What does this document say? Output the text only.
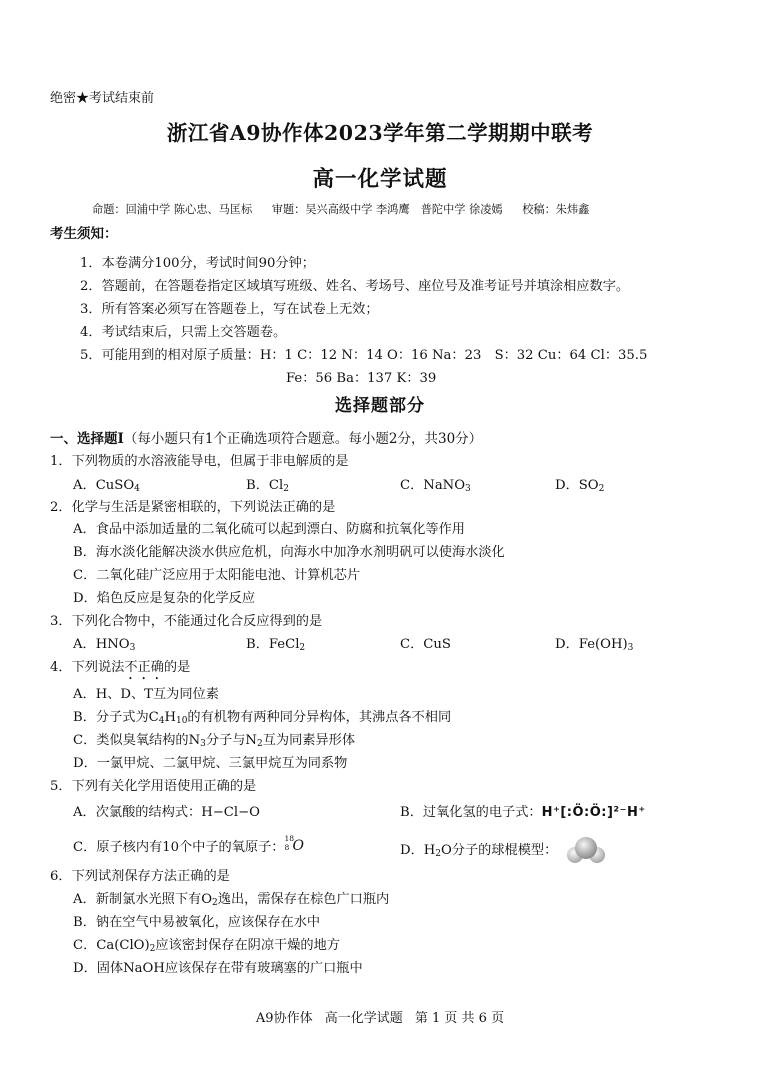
绝密★考试结束前
浙江省A9协作体2023学年第二学期期中联考
高一化学试题
命题：回浦中学 陈心忠、马匡标 审题：吴兴高级中学 李鸿鹰　普陀中学 徐凌嫣 校稿：朱炜鑫
考生须知：
1．本卷满分100分，考试时间90分钟；
2．答题前，在答题卷指定区域填写班级、姓名、考场号、座位号及准考证号并填涂相应数字。
3．所有答案必须写在答题卷上，写在试卷上无效；
4．考试结束后，只需上交答题卷。
5．可能用到的相对原子质量：H：1 C：12 N：14 O：16 Na：23　S：32 Cu：64 Cl：35.5
Fe：56 Ba：137 K：39
选择题部分
一、选择题Ⅰ（每小题只有1个正确选项符合题意。每小题2分，共30分）
1．下列物质的水溶液能导电，但属于非电解质的是
A．CuSO$_4$	B．$Cl_2$	C．NaNO$_3$	D．$SO_2$
2．化学与生活是紧密相联的，下列说法正确的是
A．食品中添加适量的二氧化硫可以起到漂白、防腐和抗氧化等作用
B．海水淡化能解决淡水供应危机，向海水中加净水剂明矾可以使海水淡化
C．二氧化硅广泛应用于太阳能电池、计算机芯片
D．焰色反应是复杂的化学反应
3．下列化合物中，不能通过化合反应得到的是
A．$HNO_3$	B．FeCl$_2$	C．CuS	D．$Fe(OH)_3$
4．下列说法不正确的是
A．H、D、T互为同位素
B．分子式为$C_4H_{10}$的有机物有两种同分异构体，其沸点各不相同
C．类似臭氧结构的$N_3$分子与$N_2$互为同素异形体
D．一氯甲烷、二氯甲烷、三氯甲烷互为同系物
5．下列有关化学用语使用正确的是
A．次氯酸的结构式：H−Cl−O	B．过氧化氢的电子式：H⁺[:Ö:Ö:]²⁻H⁺
C．原子核内有10个中子的氧原子：
18
8 O	D．$H_2O$分子的球棍模型：
6．下列试剂保存方法正确的是
A．新制氯水光照下有$O_2$逸出，需保存在棕色广口瓶内
B．钠在空气中易被氧化，应该保存在水中
C．$Ca(ClO)_2$应该密封保存在阴凉干燥的地方
D．固体NaOH应该保存在带有玻璃塞的广口瓶中
A9协作体 高一化学试题 第 1 页 共 6 页
